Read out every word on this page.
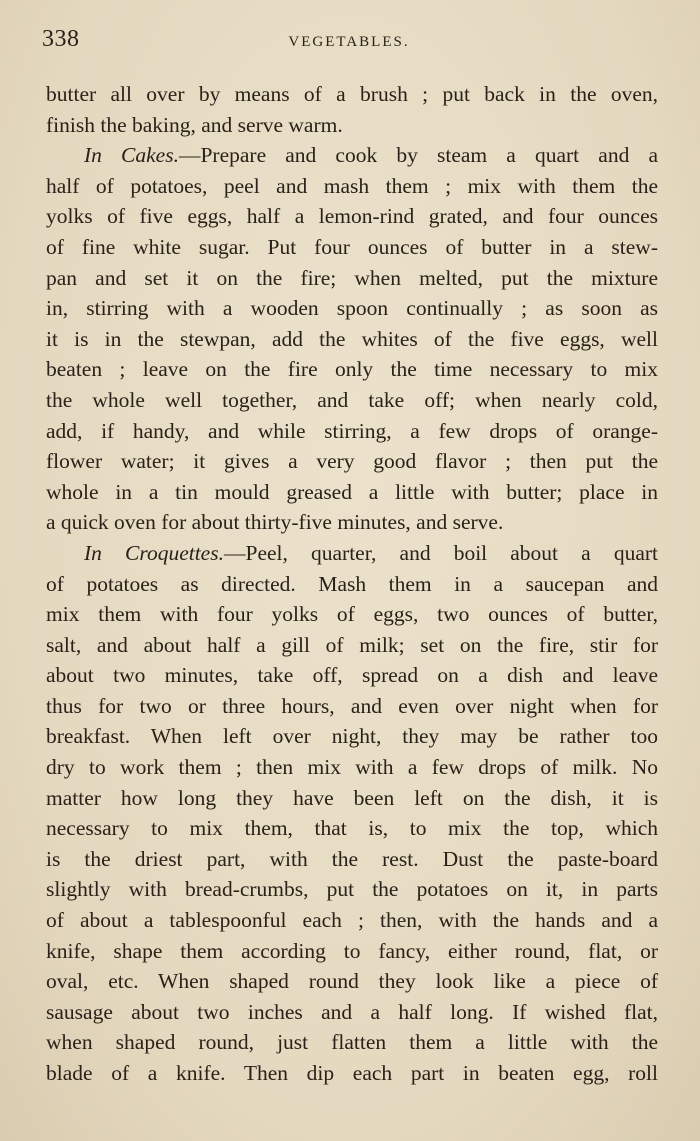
338	VEGETABLES.
butter all over by means of a brush ; put back in the oven,
finish the baking, and serve warm.
In Cakes.—Prepare and cook by steam a quart and a
half of potatoes, peel and mash them ; mix with them the
yolks of five eggs, half a lemon-rind grated, and four ounces
of fine white sugar. Put four ounces of butter in a stew-
pan and set it on the fire; when melted, put the mixture
in, stirring with a wooden spoon continually ; as soon as
it is in the stewpan, add the whites of the five eggs, well
beaten ; leave on the fire only the time necessary to mix
the whole well together, and take off; when nearly cold,
add, if handy, and while stirring, a few drops of orange-
flower water; it gives a very good flavor ; then put the
whole in a tin mould greased a little with butter; place in
a quick oven for about thirty-five minutes, and serve.
In Croquettes.—Peel, quarter, and boil about a quart
of potatoes as directed. Mash them in a saucepan and
mix them with four yolks of eggs, two ounces of butter,
salt, and about half a gill of milk; set on the fire, stir for
about two minutes, take off, spread on a dish and leave
thus for two or three hours, and even over night when for
breakfast. When left over night, they may be rather too
dry to work them ; then mix with a few drops of milk. No
matter how long they have been left on the dish, it is
necessary to mix them, that is, to mix the top, which
is the driest part, with the rest. Dust the paste-board
slightly with bread-crumbs, put the potatoes on it, in parts
of about a tablespoonful each ; then, with the hands and a
knife, shape them according to fancy, either round, flat, or
oval, etc. When shaped round they look like a piece of
sausage about two inches and a half long. If wished flat,
when shaped round, just flatten them a little with the
blade of a knife. Then dip each part in beaten egg, roll
